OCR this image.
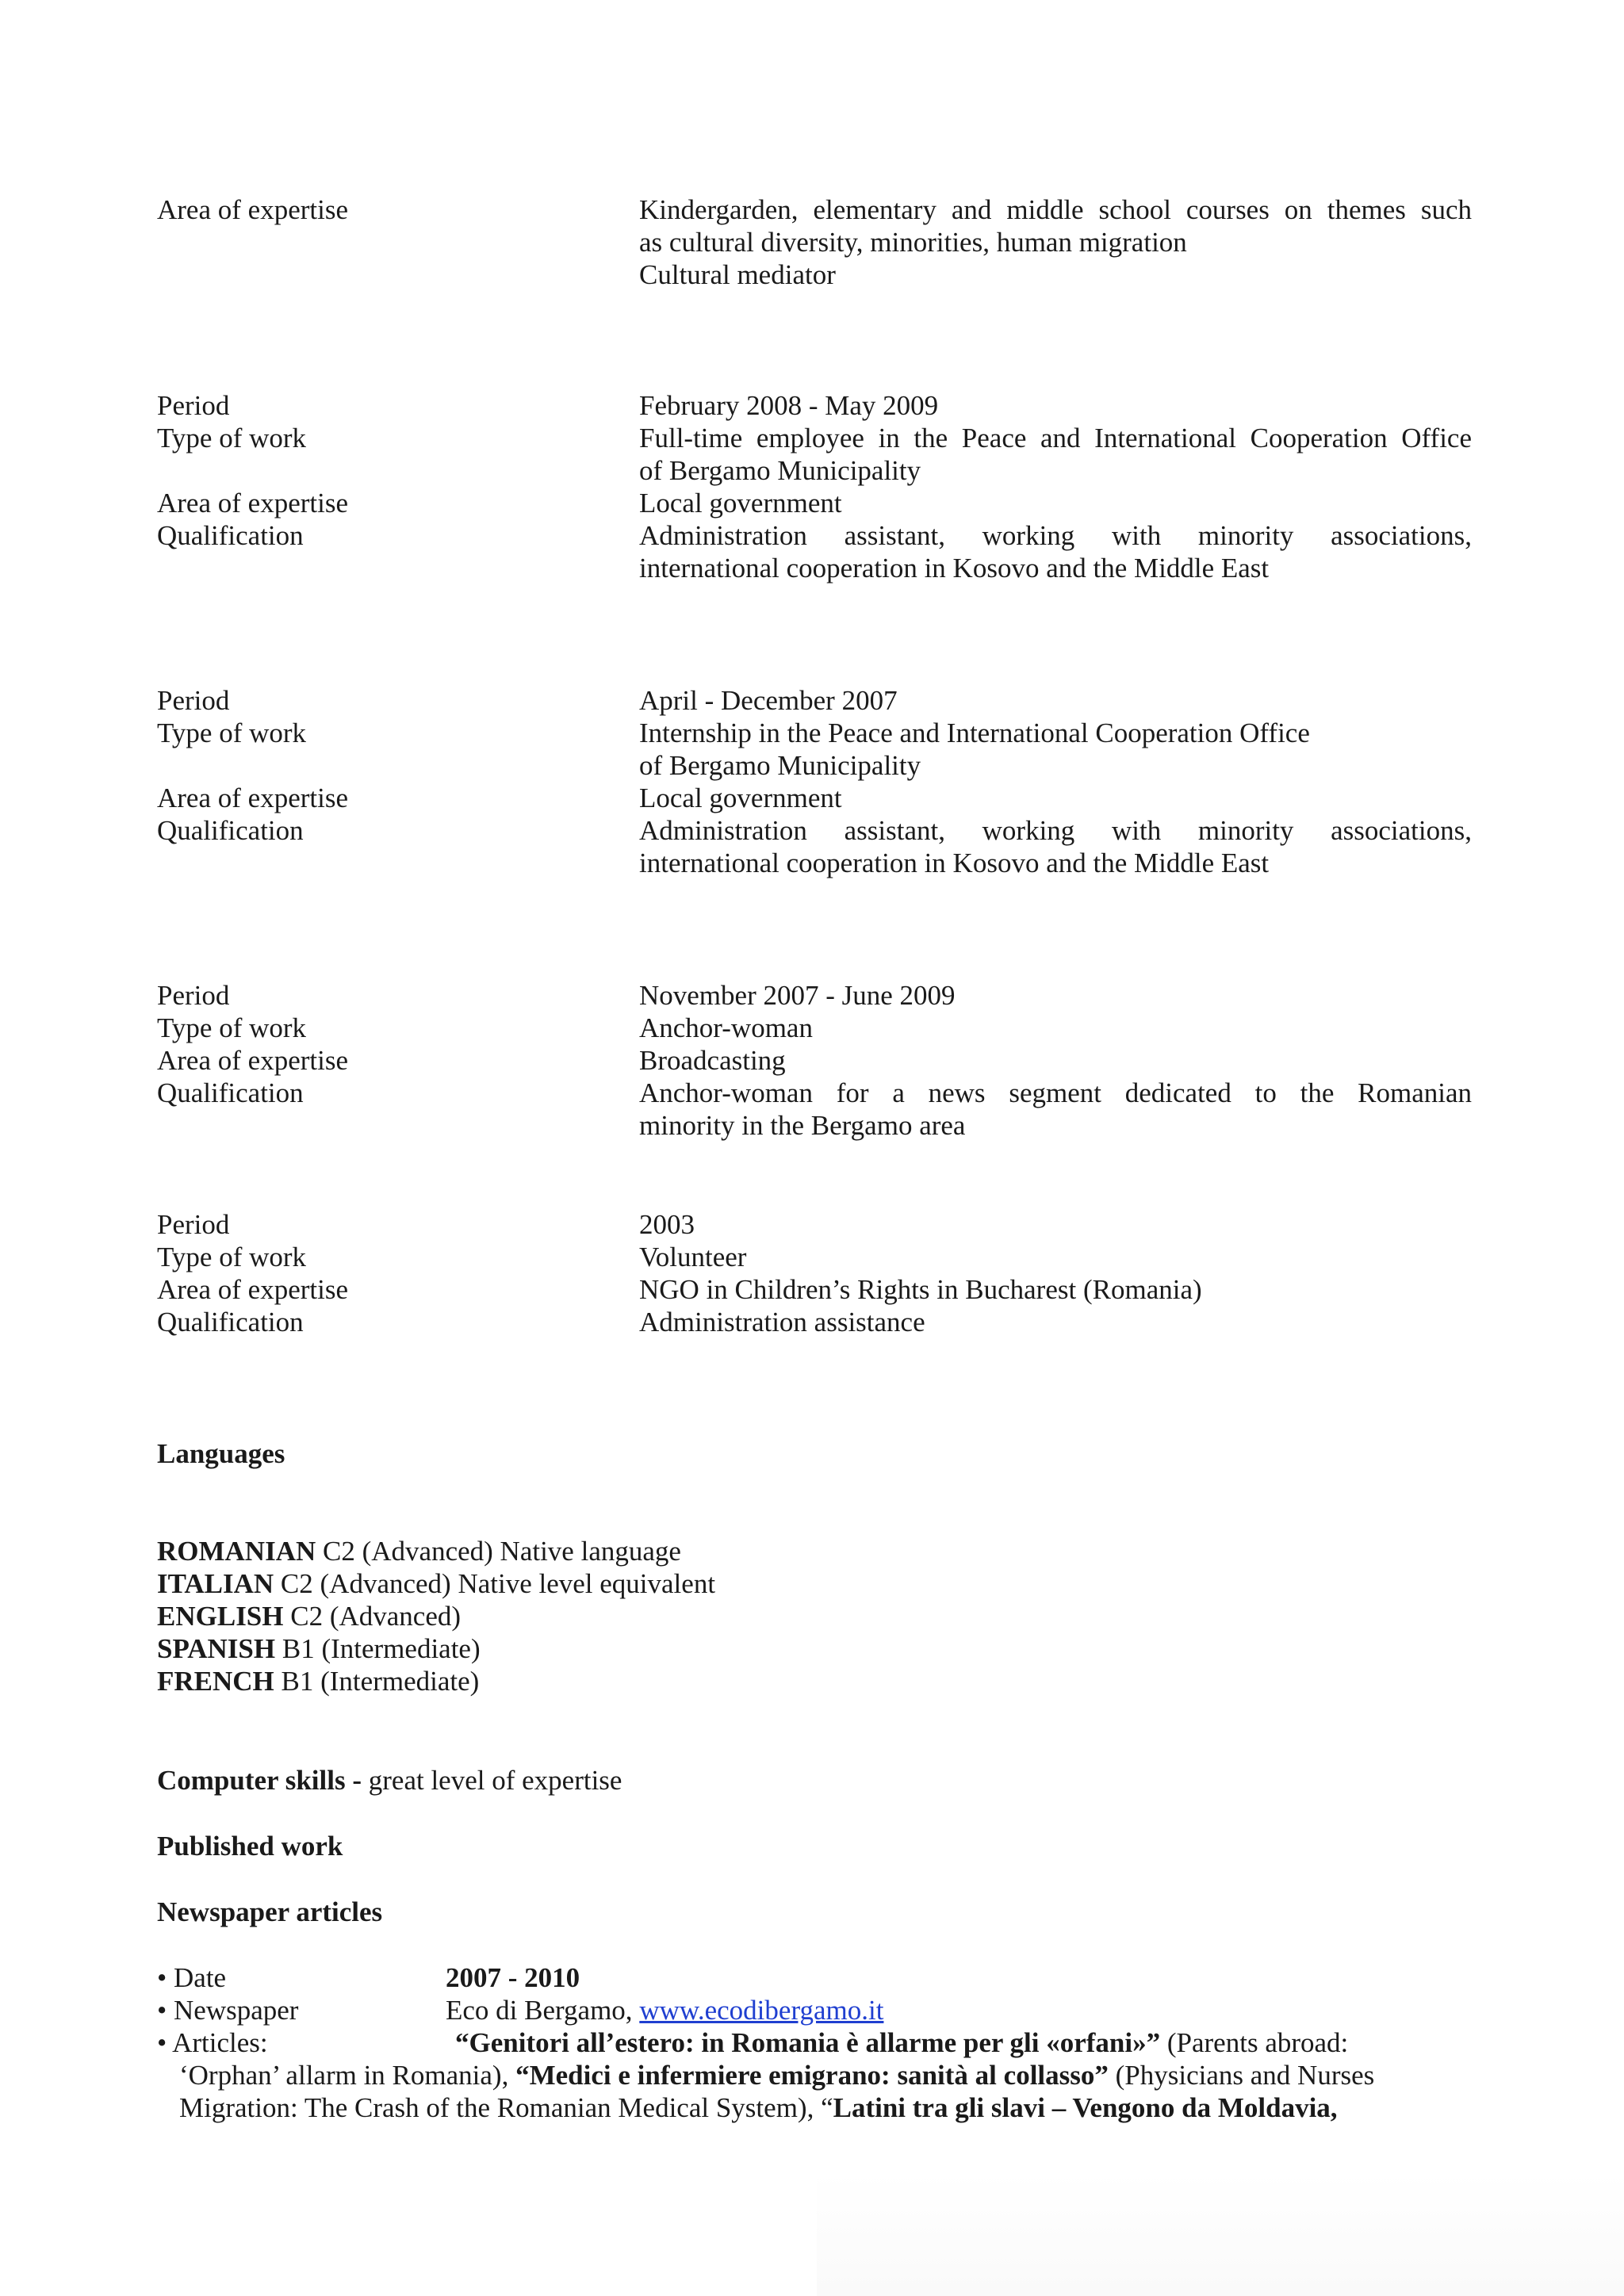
Area of expertise	Kindergarden, elementary and middle school courses on themes such
as cultural diversity, minorities, human migration
Cultural mediator
Period	February 2008 - May 2009
Type of work	Full-time employee in the Peace and International Cooperation Office
of Bergamo Municipality
Area of expertise	Local government
Qualification	Administration assistant, working with minority associations,
international cooperation in Kosovo and the Middle East
Period	April - December 2007
Type of work	Internship in the Peace and International Cooperation Office
of Bergamo Municipality
Area of expertise	Local government
Qualification	Administration assistant, working with minority associations,
international cooperation in Kosovo and the Middle East
Period	November 2007 - June 2009
Type of work	Anchor-woman
Area of expertise	Broadcasting
Qualification	Anchor-woman for a news segment dedicated to the Romanian
minority in the Bergamo area
Period	2003
Type of work	Volunteer
Area of expertise	NGO in Children’s Rights in Bucharest (Romania)
Qualification	Administration assistance
Languages
ROMANIAN C2 (Advanced) Native language
ITALIAN C2 (Advanced) Native level equivalent
ENGLISH C2 (Advanced)
SPANISH B1 (Intermediate)
FRENCH B1 (Intermediate)
Computer skills - great level of expertise
Published work
Newspaper articles
• Date	2007 - 2010
• Newspaper	Eco di Bergamo, www.ecodibergamo.it
• Articles:	“Genitori all’estero: in Romania è allarme per gli «orfani»” (Parents abroad:
‘Orphan’ allarm in Romania), “Medici e infermiere emigrano: sanità al collasso” (Physicians and Nurses
Migration: The Crash of the Romanian Medical System), “Latini tra gli slavi – Vengono da Moldavia,
